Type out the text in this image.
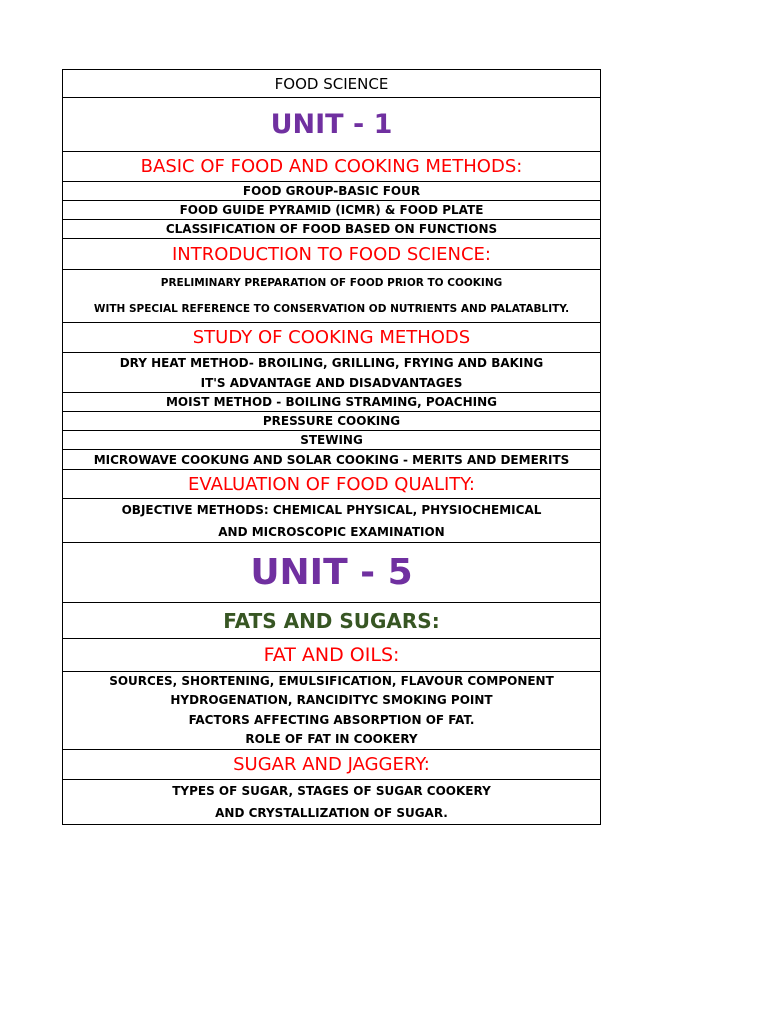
FOOD SCIENCE
UNIT - 1
BASIC OF FOOD AND COOKING METHODS:
FOOD GROUP-BASIC FOUR
FOOD GUIDE PYRAMID (ICMR) & FOOD PLATE
CLASSIFICATION OF FOOD BASED ON FUNCTIONS
INTRODUCTION TO FOOD SCIENCE:
PRELIMINARY PREPARATION OF FOOD PRIOR TO COOKING
WITH SPECIAL REFERENCE TO CONSERVATION OD NUTRIENTS AND PALATABLITY.
STUDY OF COOKING METHODS
DRY HEAT METHOD- BROILING, GRILLING, FRYING AND BAKING
IT'S ADVANTAGE AND DISADVANTAGES
MOIST METHOD - BOILING STRAMING, POACHING
PRESSURE COOKING
STEWING
MICROWAVE COOKUNG AND SOLAR COOKING - MERITS AND DEMERITS
EVALUATION OF FOOD QUALITY:
OBJECTIVE METHODS: CHEMICAL PHYSICAL, PHYSIOCHEMICAL
AND MICROSCOPIC EXAMINATION
UNIT - 5
FATS AND SUGARS:
FAT AND OILS:
SOURCES, SHORTENING, EMULSIFICATION, FLAVOUR COMPONENT
HYDROGENATION, RANCIDITYC SMOKING POINT
FACTORS AFFECTING ABSORPTION OF FAT.
ROLE OF FAT IN COOKERY
SUGAR AND JAGGERY:
TYPES OF SUGAR, STAGES OF SUGAR COOKERY
AND CRYSTALLIZATION OF SUGAR.
